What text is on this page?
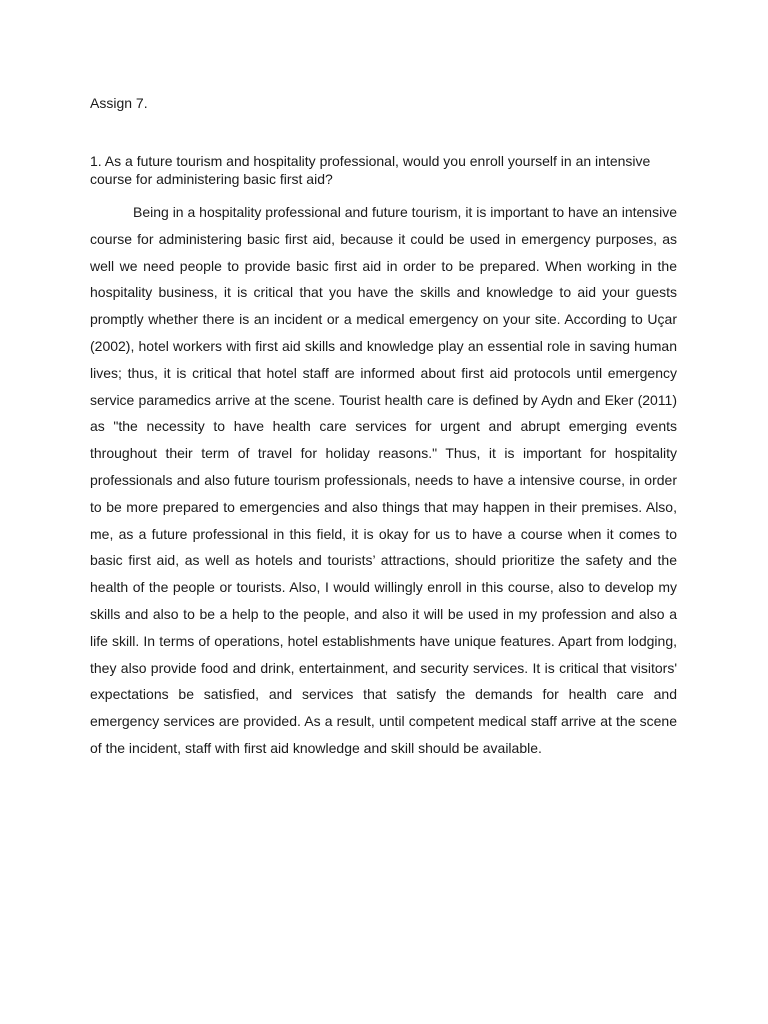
Assign 7.

1. As a future tourism and hospitality professional, would you enroll yourself in an intensive course for administering basic first aid?

Being in a hospitality professional and future tourism, it is important to have an intensive course for administering basic first aid, because it could be used in emergency purposes, as well we need people to provide basic first aid in order to be prepared. When working in the hospitality business, it is critical that you have the skills and knowledge to aid your guests promptly whether there is an incident or a medical emergency on your site. According to Uçar (2002), hotel workers with first aid skills and knowledge play an essential role in saving human lives; thus, it is critical that hotel staff are informed about first aid protocols until emergency service paramedics arrive at the scene. Tourist health care is defined by Aydn and Eker (2011) as "the necessity to have health care services for urgent and abrupt emerging events throughout their term of travel for holiday reasons." Thus, it is important for hospitality professionals and also future tourism professionals, needs to have a intensive course, in order to be more prepared to emergencies and also things that may happen in their premises. Also, me, as a future professional in this field, it is okay for us to have a course when it comes to basic first aid, as well as hotels and tourists’ attractions, should prioritize the safety and the health of the people or tourists. Also, I would willingly enroll in this course, also to develop my skills and also to be a help to the people, and also it will be used in my profession and also a life skill. In terms of operations, hotel establishments have unique features. Apart from lodging, they also provide food and drink, entertainment, and security services. It is critical that visitors' expectations be satisfied, and services that satisfy the demands for health care and emergency services are provided. As a result, until competent medical staff arrive at the scene of the incident, staff with first aid knowledge and skill should be available.
